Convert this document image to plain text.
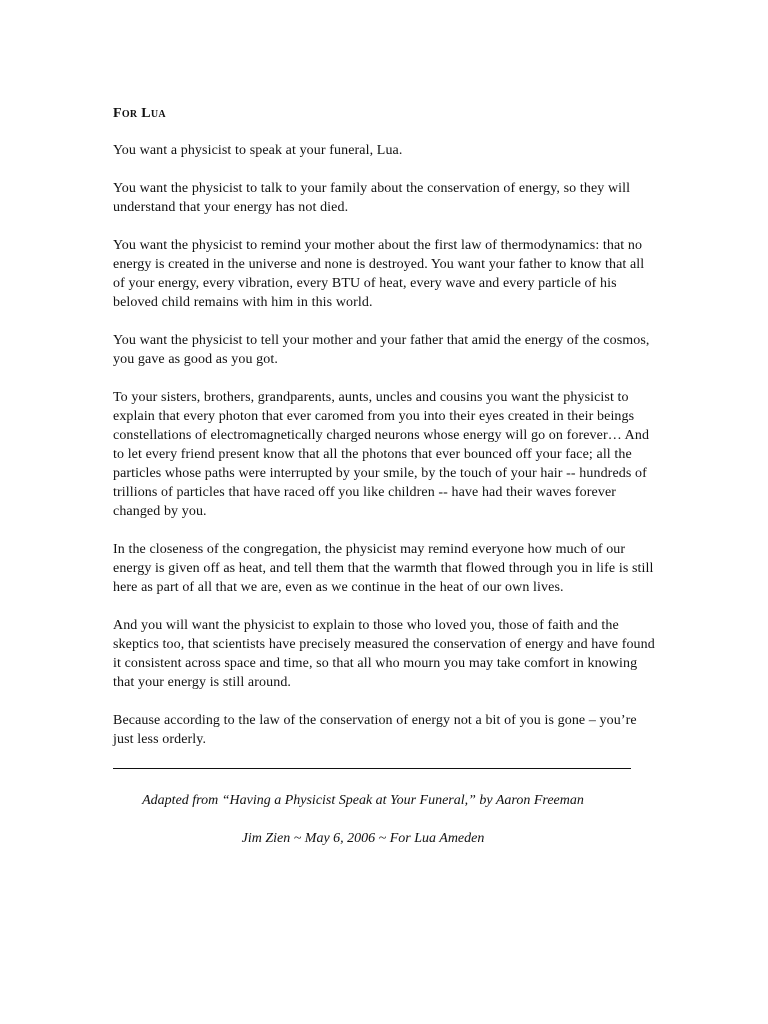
For Lua

You want a physicist to speak at your funeral, Lua.

You want the physicist to talk to your family about the conservation of energy, so they will understand that your energy has not died.

You want the physicist to remind your mother about the first law of thermodynamics: that no energy is created in the universe and none is destroyed. You want your father to know that all of your energy, every vibration, every BTU of heat, every wave and every particle of his beloved child remains with him in this world.

You want the physicist to tell your mother and your father that amid the energy of the cosmos, you gave as good as you got.

To your sisters, brothers, grandparents, aunts, uncles and cousins you want the physicist to explain that every photon that ever caromed from you into their eyes created in their beings constellations of electromagnetically charged neurons whose energy will go on forever… And to let every friend present know that all the photons that ever bounced off your face; all the particles whose paths were interrupted by your smile, by the touch of your hair -- hundreds of trillions of particles that have raced off you like children -- have had their waves forever changed by you.

In the closeness of the congregation, the physicist may remind everyone how much of our energy is given off as heat, and tell them that the warmth that flowed through you in life is still here as part of all that we are, even as we continue in the heat of our own lives.

And you will want the physicist to explain to those who loved you, those of faith and the skeptics too, that scientists have precisely measured the conservation of energy and have found it consistent across space and time, so that all who mourn you may take comfort in knowing that your energy is still around.

Because according to the law of the conservation of energy not a bit of you is gone – you’re just less orderly.

Adapted from “Having a Physicist Speak at Your Funeral,” by Aaron Freeman

Jim Zien ~ May 6, 2006 ~ For Lua Ameden
